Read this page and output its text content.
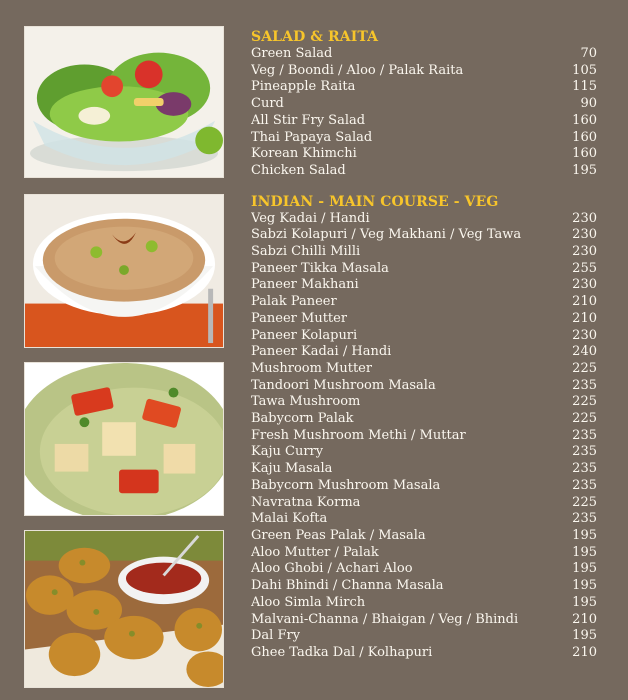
SALAD & RAITA
Green Salad	70
Veg / Boondi / Aloo / Palak Raita	105
Pineapple Raita	115
Curd	90
All Stir Fry Salad	160
Thai Papaya Salad	160
Korean Khimchi	160
Chicken Salad	195
INDIAN - MAIN COURSE - VEG
Veg Kadai / Handi	230
Sabzi Kolapuri / Veg Makhani / Veg Tawa	230
Sabzi Chilli Milli	230
Paneer Tikka Masala	255
Paneer Makhani	230
Palak Paneer	210
Paneer Mutter	210
Paneer Kolapuri	230
Paneer Kadai / Handi	240
Mushroom Mutter	225
Tandoori Mushroom Masala	235
Tawa Mushroom	225
Babycorn Palak	225
Fresh Mushroom Methi / Muttar	235
Kaju Curry	235
Kaju Masala	235
Babycorn Mushroom Masala	235
Navratna Korma	225
Malai Kofta	235
Green Peas Palak / Masala	195
Aloo Mutter / Palak	195
Aloo Ghobi / Achari Aloo	195
Dahi Bhindi / Channa Masala	195
Aloo Simla Mirch	195
Malvani-Channa / Bhaigan / Veg / Bhindi	210
Dal Fry	195
Ghee Tadka Dal / Kolhapuri	210
